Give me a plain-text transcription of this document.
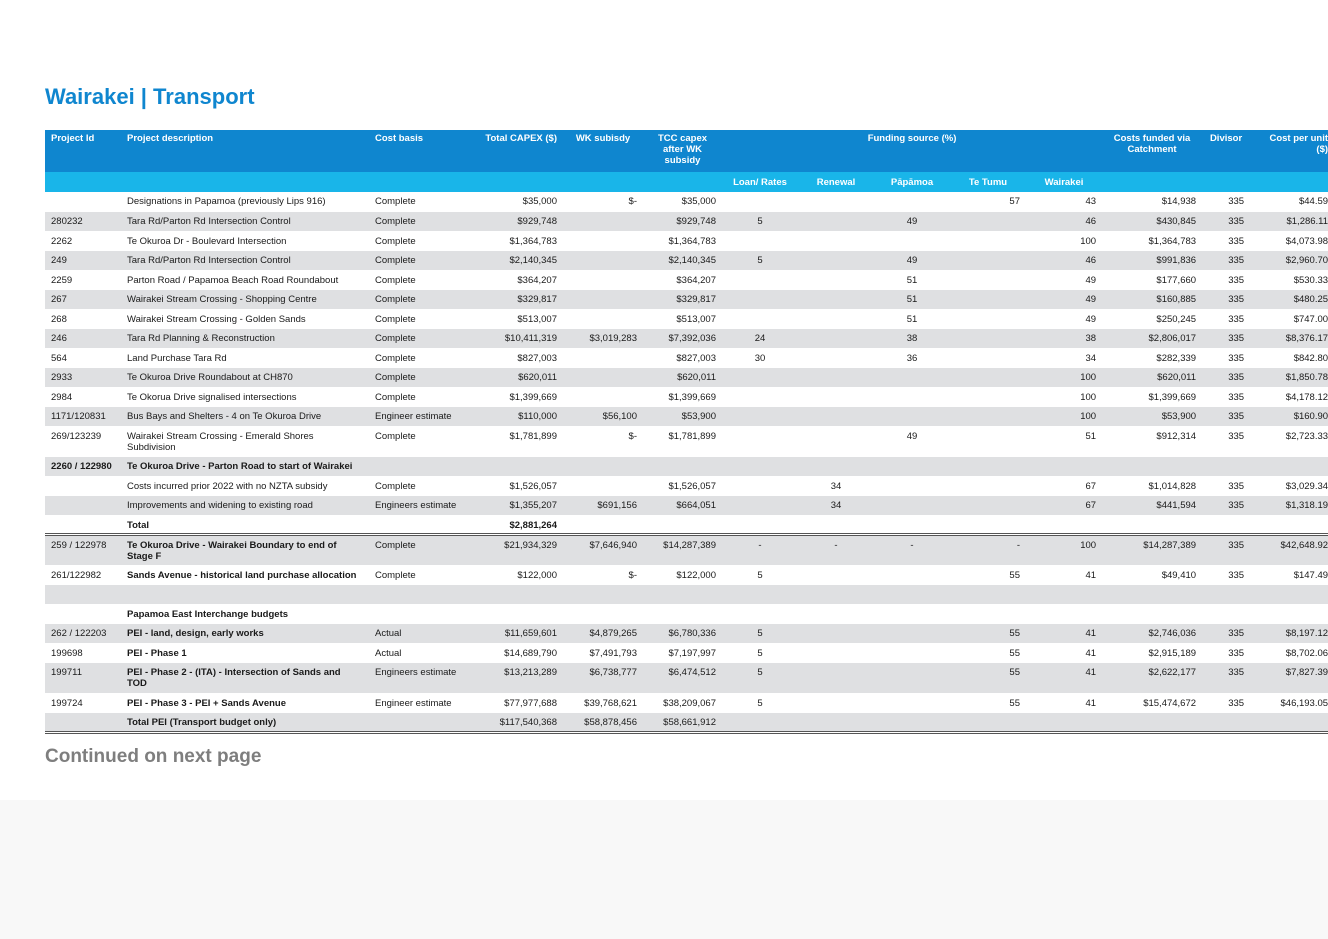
Wairakei | Transport
Project Id	Project description	Cost basis	Total CAPEX ($)	WK subisdy	TCC capex after WK subsidy	Funding source (%)					Costs funded via Catchment	Divisor	Cost per unit ($)
						Loan/ Rates	Renewal	Pāpāmoa	Te Tumu	Wairakei			
	Designations in Papamoa (previously Lips 916)	Complete	$35,000	$-	$35,000				57	43	$14,938	335	$44.59
280232	Tara Rd/Parton Rd Intersection Control	Complete	$929,748		$929,748	5		49		46	$430,845	335	$1,286.11
2262	Te Okuroa Dr - Boulevard Intersection	Complete	$1,364,783		$1,364,783					100	$1,364,783	335	$4,073.98
249	Tara Rd/Parton Rd Intersection Control	Complete	$2,140,345		$2,140,345	5		49		46	$991,836	335	$2,960.70
2259	Parton Road / Papamoa Beach Road Roundabout	Complete	$364,207		$364,207			51		49	$177,660	335	$530.33
267	Wairakei Stream Crossing - Shopping Centre	Complete	$329,817		$329,817			51		49	$160,885	335	$480.25
268	Wairakei Stream Crossing - Golden Sands	Complete	$513,007		$513,007			51		49	$250,245	335	$747.00
246	Tara Rd Planning & Reconstruction	Complete	$10,411,319	$3,019,283	$7,392,036	24		38		38	$2,806,017	335	$8,376.17
564	Land Purchase Tara Rd	Complete	$827,003		$827,003	30		36		34	$282,339	335	$842.80
2933	Te Okuroa Drive Roundabout at CH870	Complete	$620,011		$620,011					100	$620,011	335	$1,850.78
2984	Te Okorua Drive signalised intersections	Complete	$1,399,669		$1,399,669					100	$1,399,669	335	$4,178.12
1171/120831	Bus Bays and Shelters - 4 on Te Okuroa Drive	Engineer estimate	$110,000	$56,100	$53,900					100	$53,900	335	$160.90
269/123239	Wairakei Stream Crossing - Emerald Shores Subdivision	Complete	$1,781,899	$-	$1,781,899			49		51	$912,314	335	$2,723.33
2260 / 122980	Te Okuroa Drive - Parton Road to start of Wairakei												
	Costs incurred prior 2022 with no NZTA subsidy	Complete	$1,526,057		$1,526,057		34			67	$1,014,828	335	$3,029.34
	Improvements and widening to existing road	Engineers estimate	$1,355,207	$691,156	$664,051		34			67	$441,594	335	$1,318.19
	Total		$2,881,264										
259 / 122978	Te Okuroa Drive - Wairakei Boundary to end of Stage F	Complete	$21,934,329	$7,646,940	$14,287,389	-	-	-	-	100	$14,287,389	335	$42,648.92
261/122982	Sands Avenue - historical land purchase allocation	Complete	$122,000	$-	$122,000	5			55	41	$49,410	335	$147.49

	Papamoa East Interchange budgets												
262 / 122203	PEI - land, design, early works	Actual	$11,659,601	$4,879,265	$6,780,336	5			55	41	$2,746,036	335	$8,197.12
199698	PEI - Phase 1	Actual	$14,689,790	$7,491,793	$7,197,997	5			55	41	$2,915,189	335	$8,702.06
199711	PEI - Phase 2 - (ITA) - Intersection of Sands and TOD	Engineers estimate	$13,213,289	$6,738,777	$6,474,512	5			55	41	$2,622,177	335	$7,827.39
199724	PEI - Phase 3 - PEI + Sands Avenue	Engineer estimate	$77,977,688	$39,768,621	$38,209,067	5			55	41	$15,474,672	335	$46,193.05
	Total PEI (Transport budget only)		$117,540,368	$58,878,456	$58,661,912								

Continued on next page
